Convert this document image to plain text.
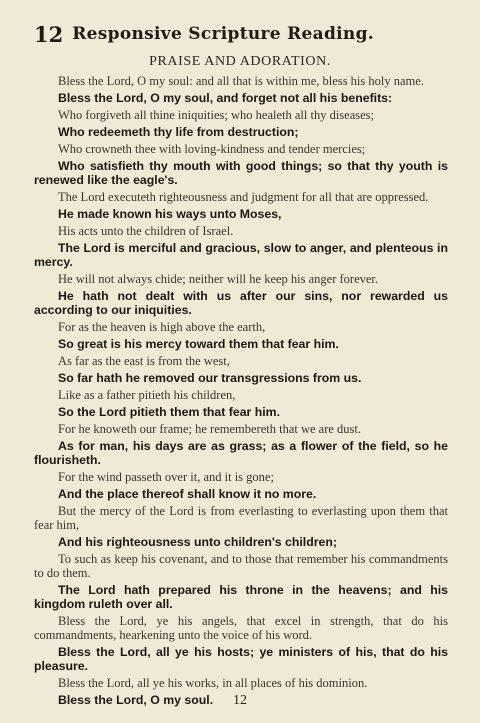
12 Responsive Scripture Reading.
PRAISE AND ADORATION.

Bless the Lord, O my soul: and all that is within me, bless his holy name.

Bless the Lord, O my soul, and forget not all his benefits:

Who forgiveth all thine iniquities; who healeth all thy diseases;

Who redeemeth thy life from destruction;

Who crowneth thee with loving-kindness and tender mercies;

Who satisfieth thy mouth with good things; so that thy youth is renewed like the eagle's.

The Lord executeth righteousness and judgment for all that are oppressed.

He made known his ways unto Moses,

His acts unto the children of Israel.

The Lord is merciful and gracious, slow to anger, and plenteous in mercy.

He will not always chide; neither will he keep his anger forever.

He hath not dealt with us after our sins, nor rewarded us according to our iniquities.

For as the heaven is high above the earth,

So great is his mercy toward them that fear him.

As far as the east is from the west,

So far hath he removed our transgressions from us.

Like as a father pitieth his children,

So the Lord pitieth them that fear him.

For he knoweth our frame; he remembereth that we are dust.

As for man, his days are as grass; as a flower of the field, so he flourisheth.

For the wind passeth over it, and it is gone;

And the place thereof shall know it no more.

But the mercy of the Lord is from everlasting to everlasting upon them that fear him,

And his righteousness unto children's children;

To such as keep his covenant, and to those that remember his commandments to do them.

The Lord hath prepared his throne in the heavens; and his kingdom ruleth over all.

Bless the Lord, ye his angels, that excel in strength, that do his commandments, hearkening unto the voice of his word.

Bless the Lord, all ye his hosts; ye ministers of his, that do his pleasure.

Bless the Lord, all ye his works, in all places of his dominion.

Bless the Lord, O my soul.	12
